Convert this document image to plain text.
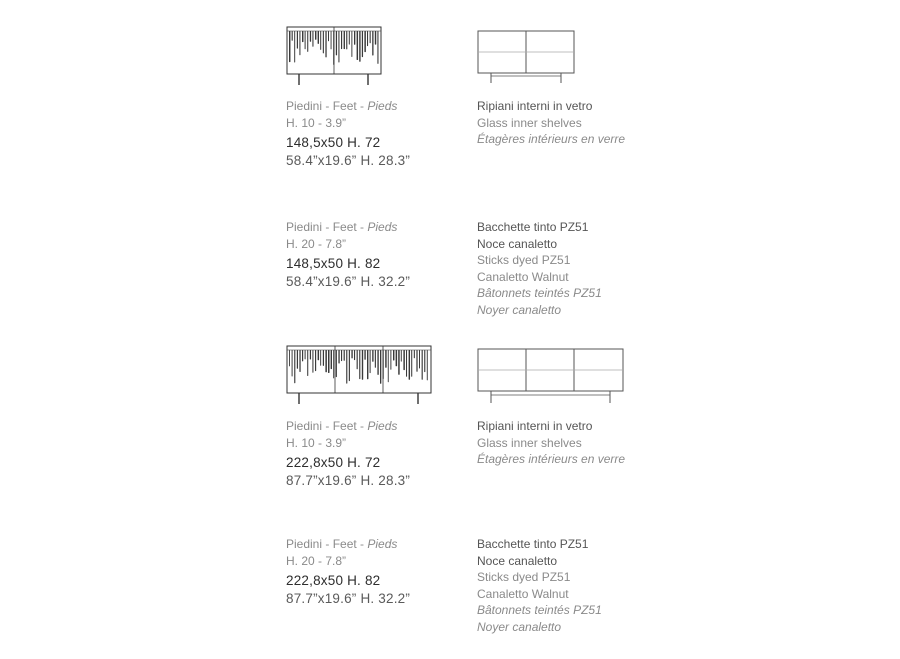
Piedini - Feet - Pieds
H. 10 - 3.9”
148,5x50 H. 72
58.4”x19.6” H. 28.3”
Ripiani interni in vetro
Glass inner shelves
Étagères intérieurs en verre
Piedini - Feet - Pieds
H. 20 - 7.8”
148,5x50 H. 82
58.4”x19.6” H. 32.2”
Bacchette tinto PZ51
Noce canaletto
Sticks dyed PZ51
Canaletto Walnut
Bâtonnets teintés PZ51
Noyer canaletto
Piedini - Feet - Pieds
H. 10 - 3.9”
222,8x50 H. 72
87.7”x19.6” H. 28.3”
Ripiani interni in vetro
Glass inner shelves
Étagères intérieurs en verre
Piedini - Feet - Pieds
H. 20 - 7.8”
222,8x50 H. 82
87.7”x19.6” H. 32.2”
Bacchette tinto PZ51
Noce canaletto
Sticks dyed PZ51
Canaletto Walnut
Bâtonnets teintés PZ51
Noyer canaletto
